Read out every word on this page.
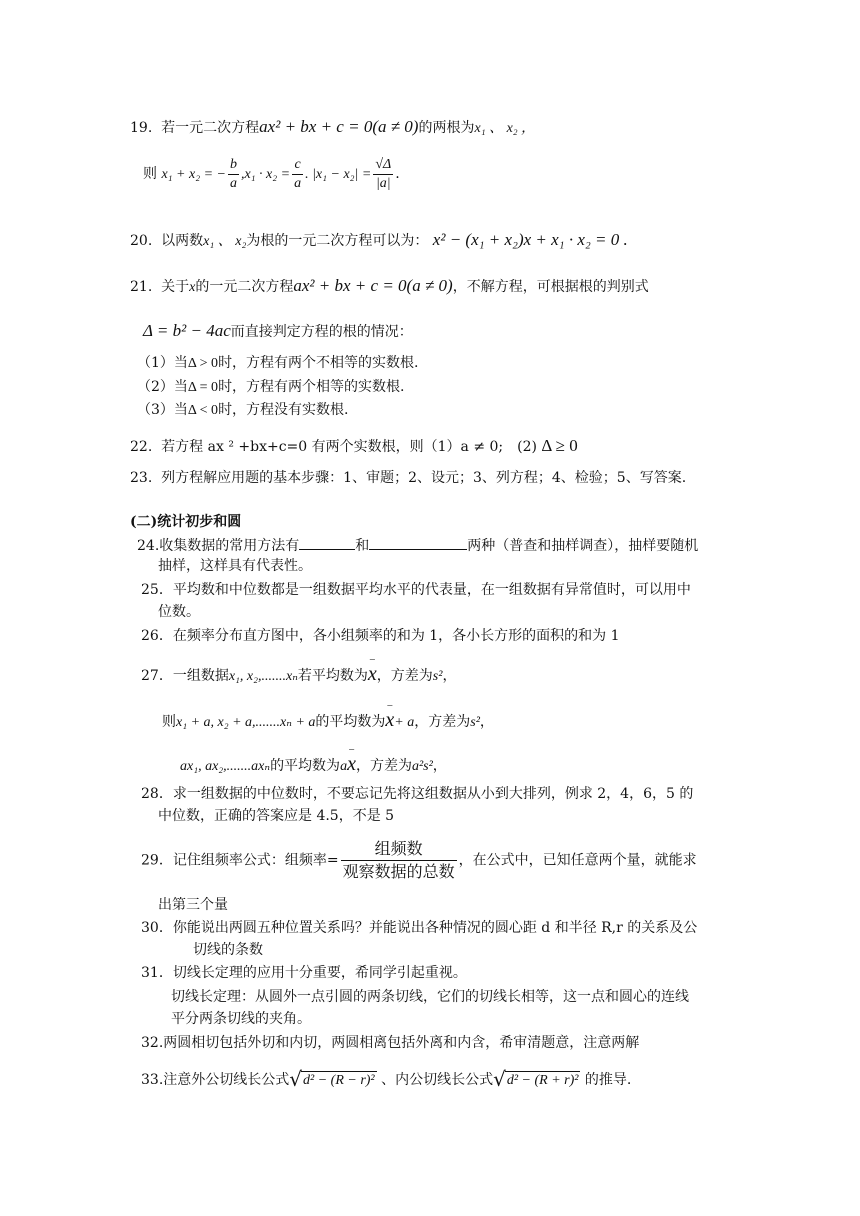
19. 若一元二次方程ax² + bx + c = 0(a ≠ 0)的两根为x₁ 、 x₂ ，
则 x₁ + x₂ = − $\frac{b}{a} ,x_1 \cdot x_2 = \frac{c}{a}$ . $|x_1 - x_2| = \frac{√\Delta}{|a|}$ .
20. 以两数x₁ 、 x₂为根的一元二次方程可以为： x² − (x₁ + x₂)x + x₁ · x₂ = 0 .
21. 关于x的一元二次方程ax² + bx + c = 0(a ≠ 0)，不解方程，可根据根的判别式
Δ = b² − 4ac而直接判定方程的根的情况：
（1）当Δ > 0时，方程有两个不相等的实数根.
（2）当Δ = 0时，方程有两个相等的实数根.
（3）当Δ < 0时，方程没有实数根.
22. 若方程 ax ² +bx+c=0 有两个实数根，则（1）a ≠ 0;　(2) Δ ≥ 0
23. 列方程解应用题的基本步骤：1、审题；2、设元；3、列方程；4、检验；5、写答案.
(二)统计初步和圆
24.收集数据的常用方法有	和	两种（普查和抽样调查），抽样要随机
抽样，这样具有代表性。
25．平均数和中位数都是一组数据平均水平的代表量，在一组数据有异常值时，可以用中
位数。
26．在频率分布直方图中，各小组频率的和为 1，各小长方形的面积的和为 1
27．一组数据x₁, x₂,.......xₙ若平均数为– x，方差为s²，
则x₁ + a, x₂ + a,.......xₙ + a的平均数为– x+ a，方差为s²，
ax₁, ax₂,.......axₙ的平均数为a– x，方差为a²s²，
28．求一组数据的中位数时，不要忘记先将这组数据从小到大排列，例求 2，4，6，5 的
中位数，正确的答案应是 4.5，不是 5
29．记住组频率公式：组频率= $\frac{\text{组频数}}{\text{观察数据的总数}}$ ，在公式中，已知任意两个量，就能求
出第三个量
30．你能说出两圆五种位置关系吗？并能说出各种情况的圆心距 d 和半径 R,r 的关系及公
切线的条数
31．切线长定理的应用十分重要，希同学引起重视。
切线长定理：从圆外一点引圆的两条切线，它们的切线长相等，这一点和圆心的连线
平分两条切线的夹角。
32.两圆相切包括外切和内切，两圆相离包括外离和内含，希审清题意，注意两解
33.注意外公切线长公式√d² − (R − r)² 、内公切线长公式√d² − (R + r)² 的推导.
